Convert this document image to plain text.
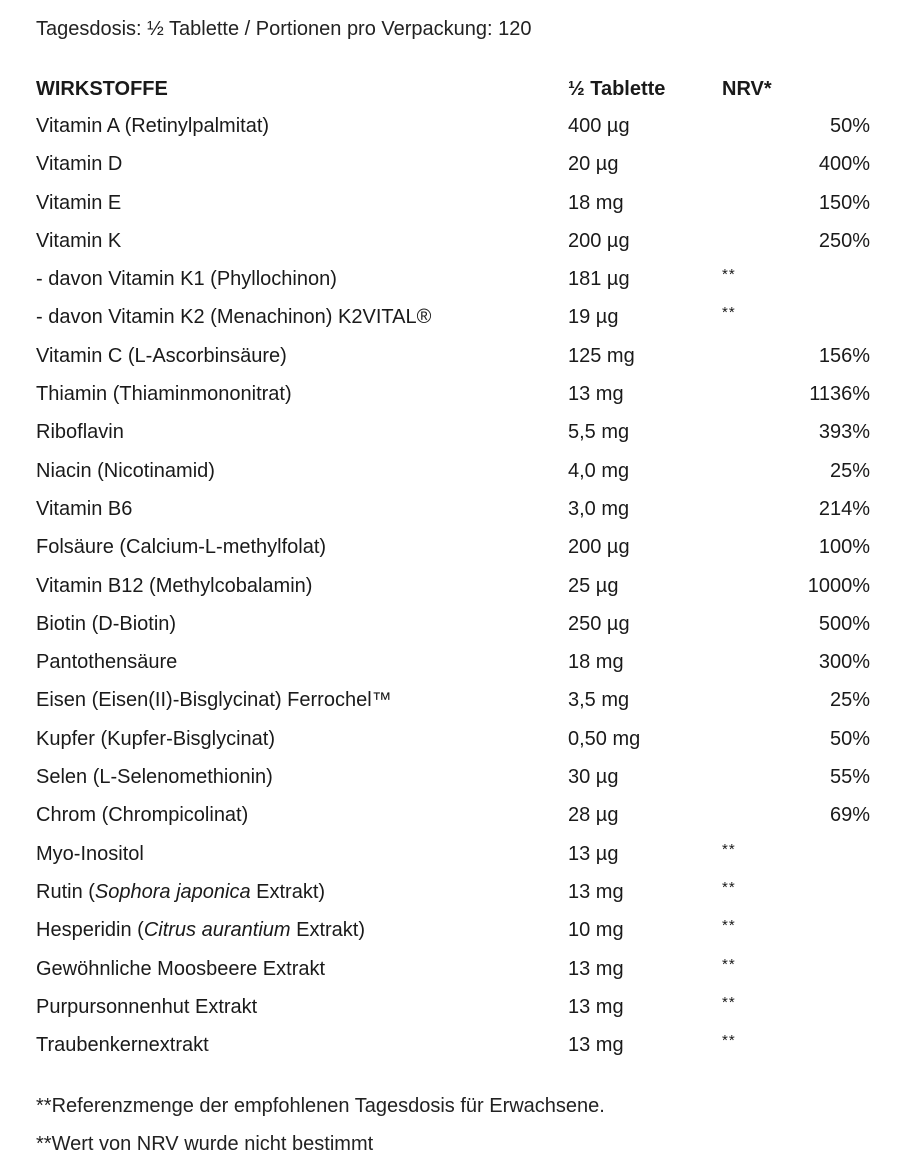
Tagesdosis: ½ Tablette / Portionen pro Verpackung: 120
WIRKSTOFFE	½ Tablette	NRV*
Vitamin A (Retinylpalmitat)	400 µg	50%
Vitamin D	20 µg	400%
Vitamin E	18 mg	150%
Vitamin K	200 µg	250%
- davon Vitamin K1 (Phyllochinon)	181 µg	**
- davon Vitamin K2 (Menachinon) K2VITAL®	19 µg	**
Vitamin C (L-Ascorbinsäure)	125 mg	156%
Thiamin (Thiaminmononitrat)	13 mg	1136%
Riboflavin	5,5 mg	393%
Niacin (Nicotinamid)	4,0 mg	25%
Vitamin B6	3,0 mg	214%
Folsäure (Calcium-L-methylfolat)	200 µg	100%
Vitamin B12 (Methylcobalamin)	25 µg	1000%
Biotin (D-Biotin)	250 µg	500%
Pantothensäure	18 mg	300%
Eisen (Eisen(II)-Bisglycinat) Ferrochel™	3,5 mg	25%
Kupfer (Kupfer-Bisglycinat)	0,50 mg	50%
Selen (L-Selenomethionin)	30 µg	55%
Chrom (Chrompicolinat)	28 µg	69%
Myo-Inositol	13 µg	**
Rutin (Sophora japonica Extrakt)	13 mg	**
Hesperidin (Citrus aurantium Extrakt)	10 mg	**
Gewöhnliche Moosbeere Extrakt	13 mg	**
Purpursonnenhut Extrakt	13 mg	**
Traubenkernextrakt	13 mg	**
**Referenzmenge der empfohlenen Tagesdosis für Erwachsene.
**Wert von NRV wurde nicht bestimmt
